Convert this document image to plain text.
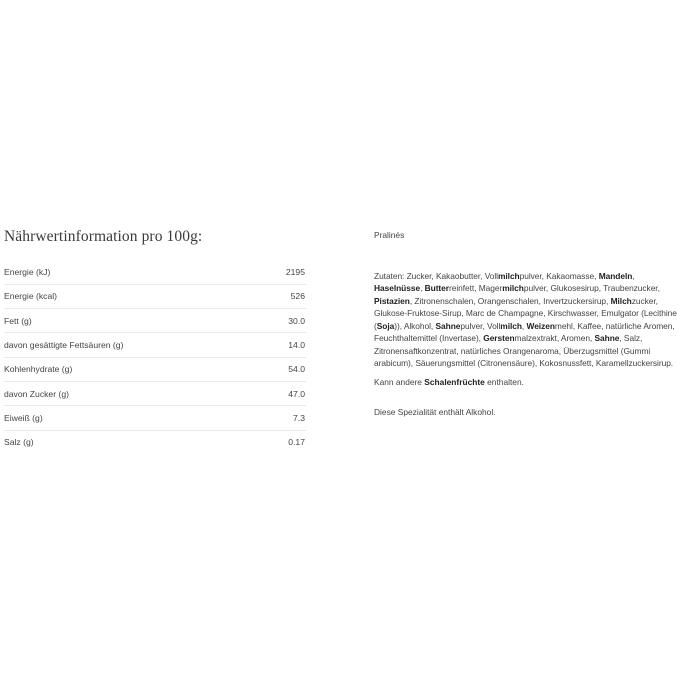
Nährwertinformation pro 100g:
Energie (kJ)	2195
Energie (kcal)	526
Fett (g)	30.0
davon gesättigte Fettsäuren (g)	14.0
Kohlenhydrate (g)	54.0
davon Zucker (g)	47.0
Eiweiß (g)	7.3
Salz (g)	0.17

Pralinés

Zutaten: Zucker, Kakaobutter, Vollmilchpulver, Kakaomasse, Mandeln, Haselnüsse, Butterreinfett, Magermilchpulver, Glukosesirup, Traubenzucker, Pistazien, Zitronenschalen, Orangenschalen, Invertzuckersirup, Milchzucker, Glukose-Fruktose-Sirup, Marc de Champagne, Kirschwasser, Emulgator (Lecithine (Soja)), Alkohol, Sahnepulver, Vollmilch, Weizenmehl, Kaffee, natürliche Aromen, Feuchthaltemittel (Invertase), Gerstenmalzextrakt, Aromen, Sahne, Salz, Zitronensaftkonzentrat, natürliches Orangenaroma, Überzugsmittel (Gummi arabicum), Säuerungsmittel (Citronensäure), Kokosnussfett, Karamellzuckersirup.

Kann andere Schalenfrüchte enthalten.

Diese Spezialität enthält Alkohol.
